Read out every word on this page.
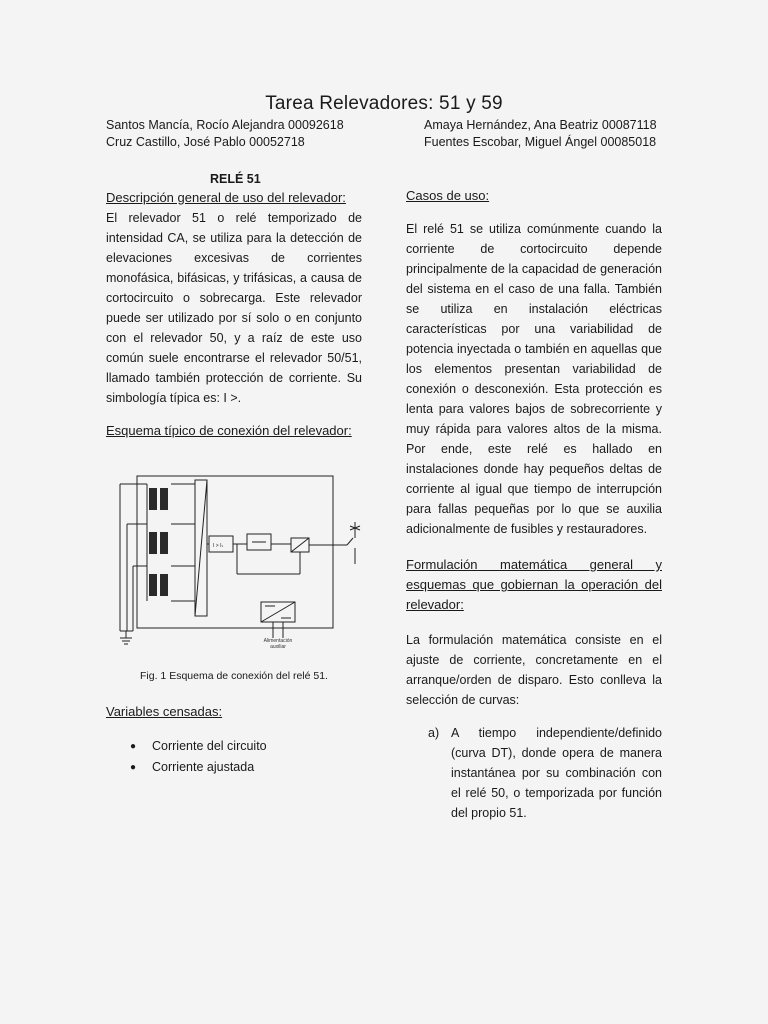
Tarea Relevadores: 51 y 59
Santos Mancía, Rocío Alejandra 00092618
Cruz Castillo, José Pablo 00052718
Amaya Hernández, Ana Beatriz 00087118
Fuentes Escobar, Miguel Ángel 00085018
RELÉ 51
Descripción general de uso del relevador:
El relevador 51 o relé temporizado de intensidad CA, se utiliza para la detección de elevaciones excesivas de corrientes monofásica, bifásicas, y trifásicas, a causa de cortocircuito o sobrecarga. Este relevador puede ser utilizado por sí solo o en conjunto con el relevador 50, y a raíz de este uso común suele encontrarse el relevador 50/51, llamado también protección de corriente. Su simbología típica es: I >.
Esquema típico de conexión del relevador:
I > Iₛ
Alimentación
auxiliar
Fig. 1 Esquema de conexión del relé 51.
Variables censadas:
● Corriente del circuito
● Corriente ajustada
Casos de uso:
El relé 51 se utiliza comúnmente cuando la corriente de cortocircuito depende principalmente de la capacidad de generación del sistema en el caso de una falla. También se utiliza en instalación eléctricas características por una variabilidad de potencia inyectada o también en aquellas que los elementos presentan variabilidad de conexión o desconexión. Esta protección es lenta para valores bajos de sobrecorriente y muy rápida para valores altos de la misma. Por ende, este relé es hallado en instalaciones donde hay pequeños deltas de corriente al igual que tiempo de interrupción para fallas pequeñas por lo que se auxilia adicionalmente de fusibles y restauradores.
Formulación matemática general y esquemas que gobiernan la operación del relevador:
La formulación matemática consiste en el ajuste de corriente, concretamente en el arranque/orden de disparo. Esto conlleva la selección de curvas:
a) A tiempo independiente/definido (curva DT), donde opera de manera instantánea por su combinación con el relé 50, o temporizada por función del propio 51.
